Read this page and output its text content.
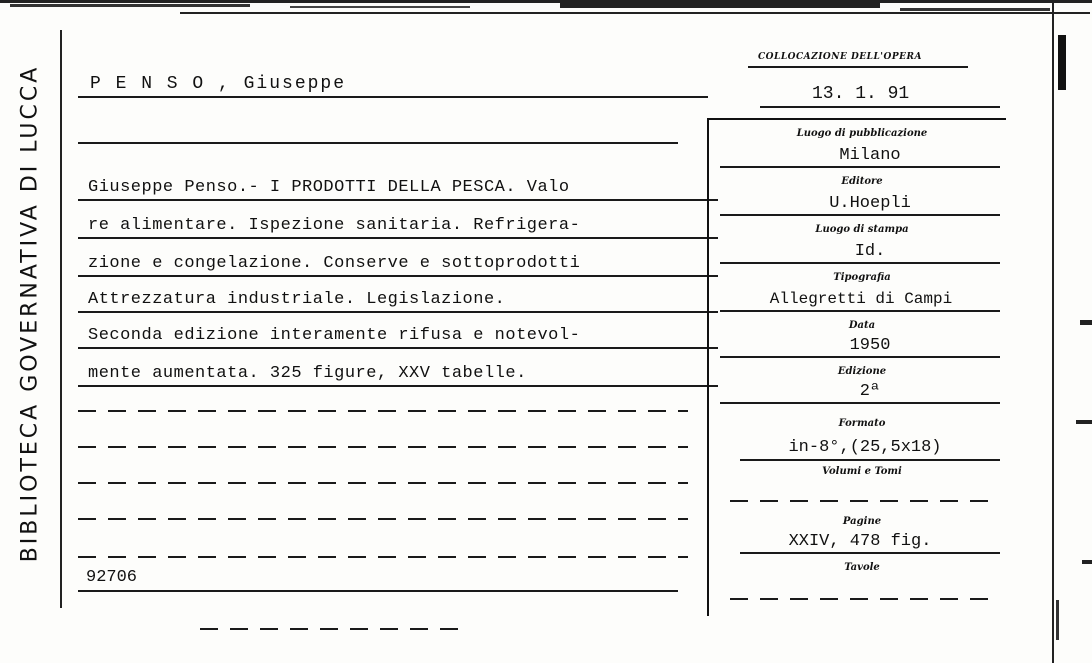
BIBLIOTECA GOVERNATIVA DI LUCCA	P E N S O , Giuseppe
COLLOCAZIONE DELL'OPERA
13. 1. 91
Giuseppe Penso.- I PRODOTTI DELLA PESCA. Valo
re alimentare. Ispezione sanitaria. Refrigera-
zione e congelazione. Conserve e sottoprodotti
Attrezzatura industriale. Legislazione.
Seconda edizione interamente rifusa e notevol-
mente aumentata. 325 figure, XXV tabelle.
92706
Luogo di pubblicazione
Milano
Editore
U.Hoepli
Luogo di stampa
Id.
Tipografia
Allegretti di Campi
Data
1950
Edizione
2ª
Formato
in-8°,(25,5x18)
Volumi e Tomi
Pagine
XXIV, 478 fig.
Tavole
